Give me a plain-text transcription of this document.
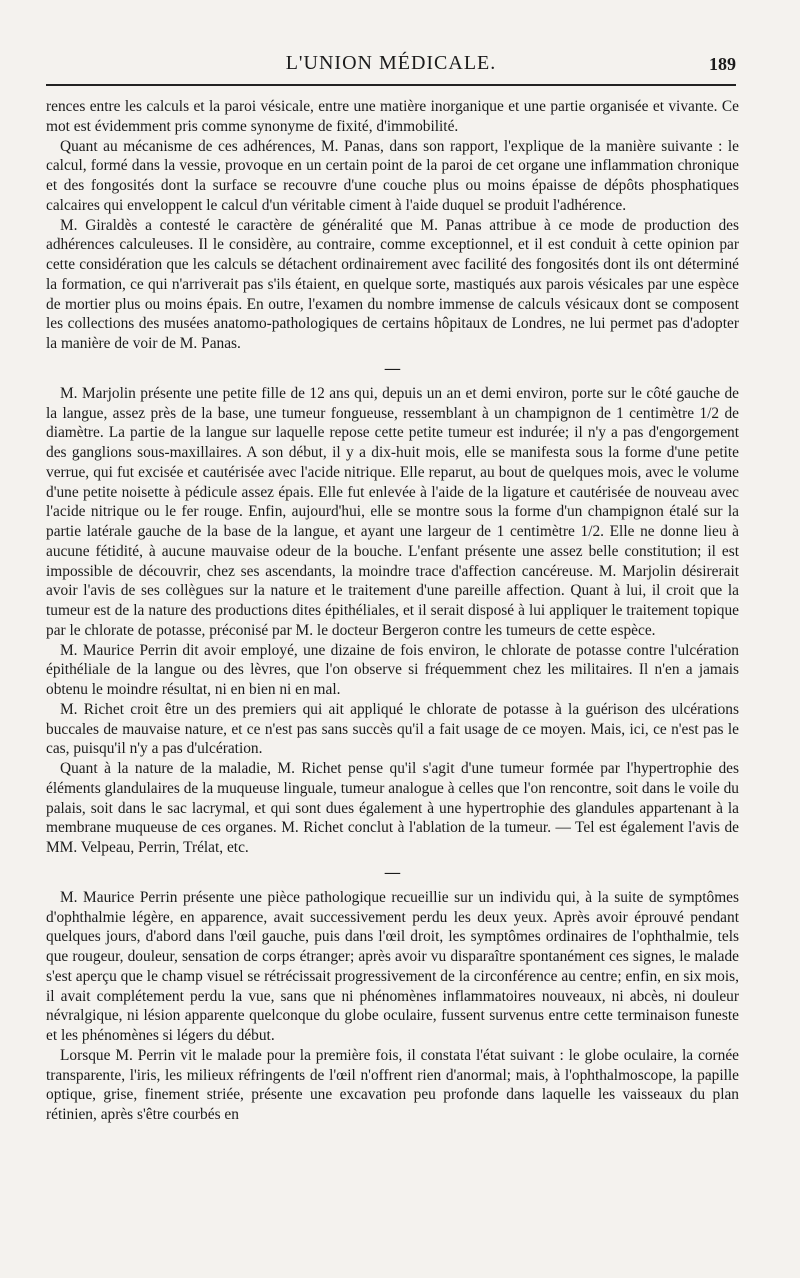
L'UNION MÉDICALE.	189

rences entre les calculs et la paroi vésicale, entre une matière inorganique et une partie organisée et vivante. Ce mot est évidemment pris comme synonyme de fixité, d'immobilité.

Quant au mécanisme de ces adhérences, M. Panas, dans son rapport, l'explique de la manière suivante : le calcul, formé dans la vessie, provoque en un certain point de la paroi de cet organe une inflammation chronique et des fongosités dont la surface se recouvre d'une couche plus ou moins épaisse de dépôts phosphatiques calcaires qui enveloppent le calcul d'un véritable ciment à l'aide duquel se produit l'adhérence.

M. Giraldès a contesté le caractère de généralité que M. Panas attribue à ce mode de production des adhérences calculeuses. Il le considère, au contraire, comme exceptionnel, et il est conduit à cette opinion par cette considération que les calculs se détachent ordinairement avec facilité des fongosités dont ils ont déterminé la formation, ce qui n'arriverait pas s'ils étaient, en quelque sorte, mastiqués aux parois vésicales par une espèce de mortier plus ou moins épais. En outre, l'examen du nombre immense de calculs vésicaux dont se composent les collections des musées anatomo-pathologiques de certains hôpitaux de Londres, ne lui permet pas d'adopter la manière de voir de M. Panas.

—

M. Marjolin présente une petite fille de 12 ans qui, depuis un an et demi environ, porte sur le côté gauche de la langue, assez près de la base, une tumeur fongueuse, ressemblant à un champignon de 1 centimètre 1/2 de diamètre. La partie de la langue sur laquelle repose cette petite tumeur est indurée; il n'y a pas d'engorgement des ganglions sous-maxillaires. A son début, il y a dix-huit mois, elle se manifesta sous la forme d'une petite verrue, qui fut excisée et cautérisée avec l'acide nitrique. Elle reparut, au bout de quelques mois, avec le volume d'une petite noisette à pédicule assez épais. Elle fut enlevée à l'aide de la ligature et cautérisée de nouveau avec l'acide nitrique ou le fer rouge. Enfin, aujourd'hui, elle se montre sous la forme d'un champignon étalé sur la partie latérale gauche de la base de la langue, et ayant une largeur de 1 centimètre 1/2. Elle ne donne lieu à aucune fétidité, à aucune mauvaise odeur de la bouche. L'enfant présente une assez belle constitution; il est impossible de découvrir, chez ses ascendants, la moindre trace d'affection cancéreuse. M. Marjolin désirerait avoir l'avis de ses collègues sur la nature et le traitement d'une pareille affection. Quant à lui, il croit que la tumeur est de la nature des productions dites épithéliales, et il serait disposé à lui appliquer le traitement topique par le chlorate de potasse, préconisé par M. le docteur Bergeron contre les tumeurs de cette espèce.

M. Maurice Perrin dit avoir employé, une dizaine de fois environ, le chlorate de potasse contre l'ulcération épithéliale de la langue ou des lèvres, que l'on observe si fréquemment chez les militaires. Il n'en a jamais obtenu le moindre résultat, ni en bien ni en mal.

M. Richet croit être un des premiers qui ait appliqué le chlorate de potasse à la guérison des ulcérations buccales de mauvaise nature, et ce n'est pas sans succès qu'il a fait usage de ce moyen. Mais, ici, ce n'est pas le cas, puisqu'il n'y a pas d'ulcération.

Quant à la nature de la maladie, M. Richet pense qu'il s'agit d'une tumeur formée par l'hypertrophie des éléments glandulaires de la muqueuse linguale, tumeur analogue à celles que l'on rencontre, soit dans le voile du palais, soit dans le sac lacrymal, et qui sont dues également à une hypertrophie des glandules appartenant à la membrane muqueuse de ces organes. M. Richet conclut à l'ablation de la tumeur. — Tel est également l'avis de MM. Velpeau, Perrin, Trélat, etc.

—

M. Maurice Perrin présente une pièce pathologique recueillie sur un individu qui, à la suite de symptômes d'ophthalmie légère, en apparence, avait successivement perdu les deux yeux. Après avoir éprouvé pendant quelques jours, d'abord dans l'œil gauche, puis dans l'œil droit, les symptômes ordinaires de l'ophthalmie, tels que rougeur, douleur, sensation de corps étranger; après avoir vu disparaître spontanément ces signes, le malade s'est aperçu que le champ visuel se rétrécissait progressivement de la circonférence au centre; enfin, en six mois, il avait complétement perdu la vue, sans que ni phénomènes inflammatoires nouveaux, ni abcès, ni douleur névralgique, ni lésion apparente quelconque du globe oculaire, fussent survenus entre cette terminaison funeste et les phénomènes si légers du début.

Lorsque M. Perrin vit le malade pour la première fois, il constata l'état suivant : le globe oculaire, la cornée transparente, l'iris, les milieux réfringents de l'œil n'offrent rien d'anormal; mais, à l'ophthalmoscope, la papille optique, grise, finement striée, présente une excavation peu profonde dans laquelle les vaisseaux du plan rétinien, après s'être courbés en
